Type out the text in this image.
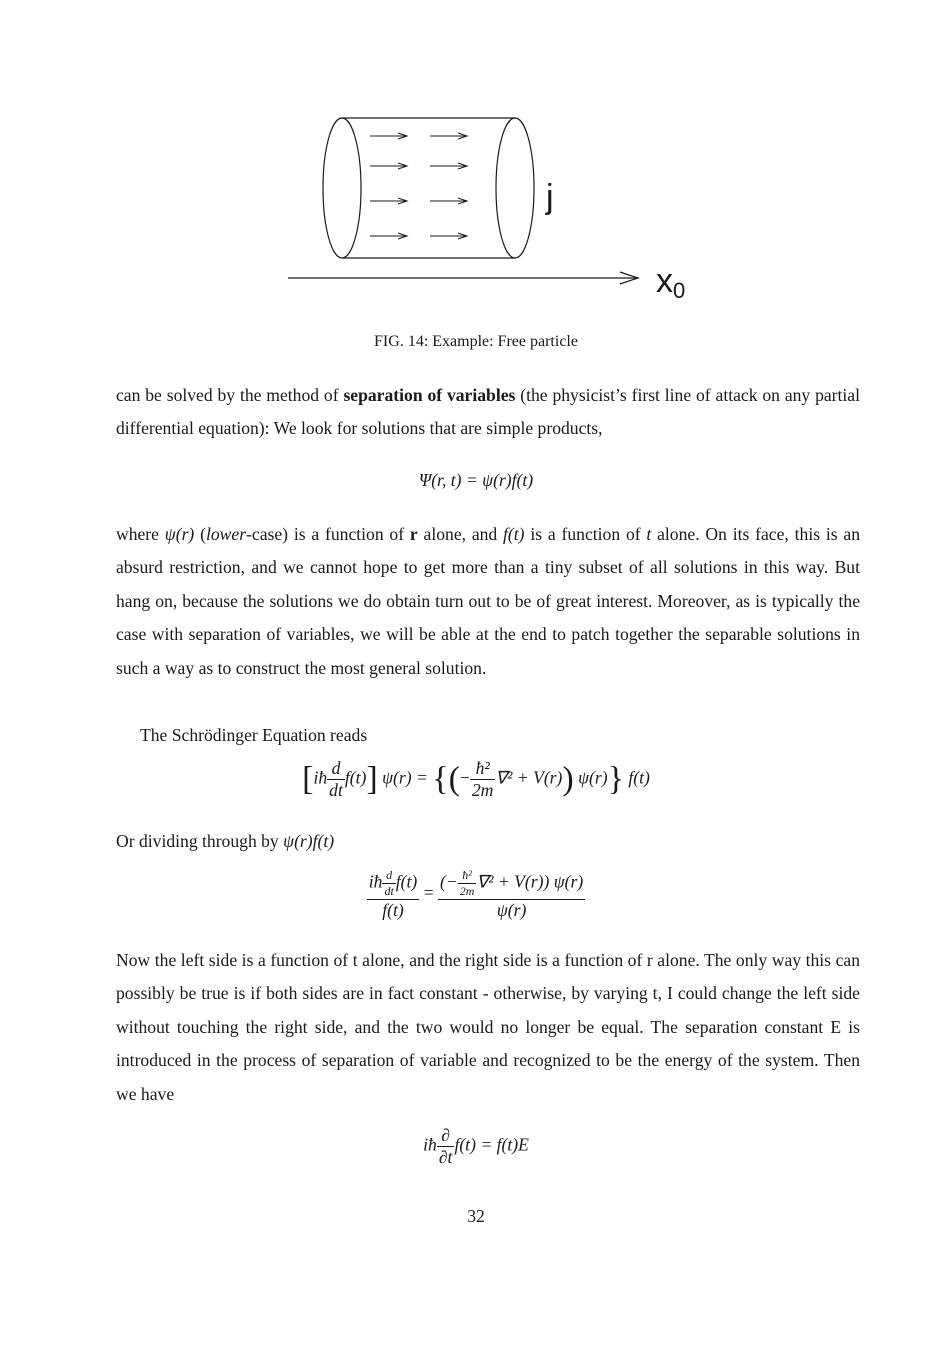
j
x0
FIG. 14: Example: Free particle

can be solved by the method of separation of variables (the physicist’s first line of attack on any partial differential equation): We look for solutions that are simple products,

Ψ(r, t) = ψ(r)f(t)

where ψ(r) (lower-case) is a function of r alone, and f(t) is a function of t alone. On its face, this is an absurd restriction, and we cannot hope to get more than a tiny subset of all solutions in this way. But hang on, because the solutions we do obtain turn out to be of great interest. Moreover, as is typically the case with separation of variables, we will be able at the end to patch together the separable solutions in such a way as to construct the most general solution.

The Schrödinger Equation reads

[iħ $\frac{d}{dt} f(t)$] ψ(r) = {(− $\frac{\text{ħ²}}{2m} \nabla^2 + V(r)$) ψ(r)} f(t)

Or dividing through by ψ(r)f(t)

$\frac{iħ \frac{d}{dt} f(t)}{f(t)} = \frac{(- \frac{\text{ħ²}}{2m} \nabla^2 + V(r)) \psi(r)}{\psi(r)}$

Now the left side is a function of t alone, and the right side is a function of r alone. The only way this can possibly be true is if both sides are in fact constant - otherwise, by varying t, I could change the left side without touching the right side, and the two would no longer be equal. The separation constant E is introduced in the process of separation of variable and recognized to be the energy of the system. Then we have

iħ $\frac{\partial}{\partial t} f(t) = f(t)E$
32
